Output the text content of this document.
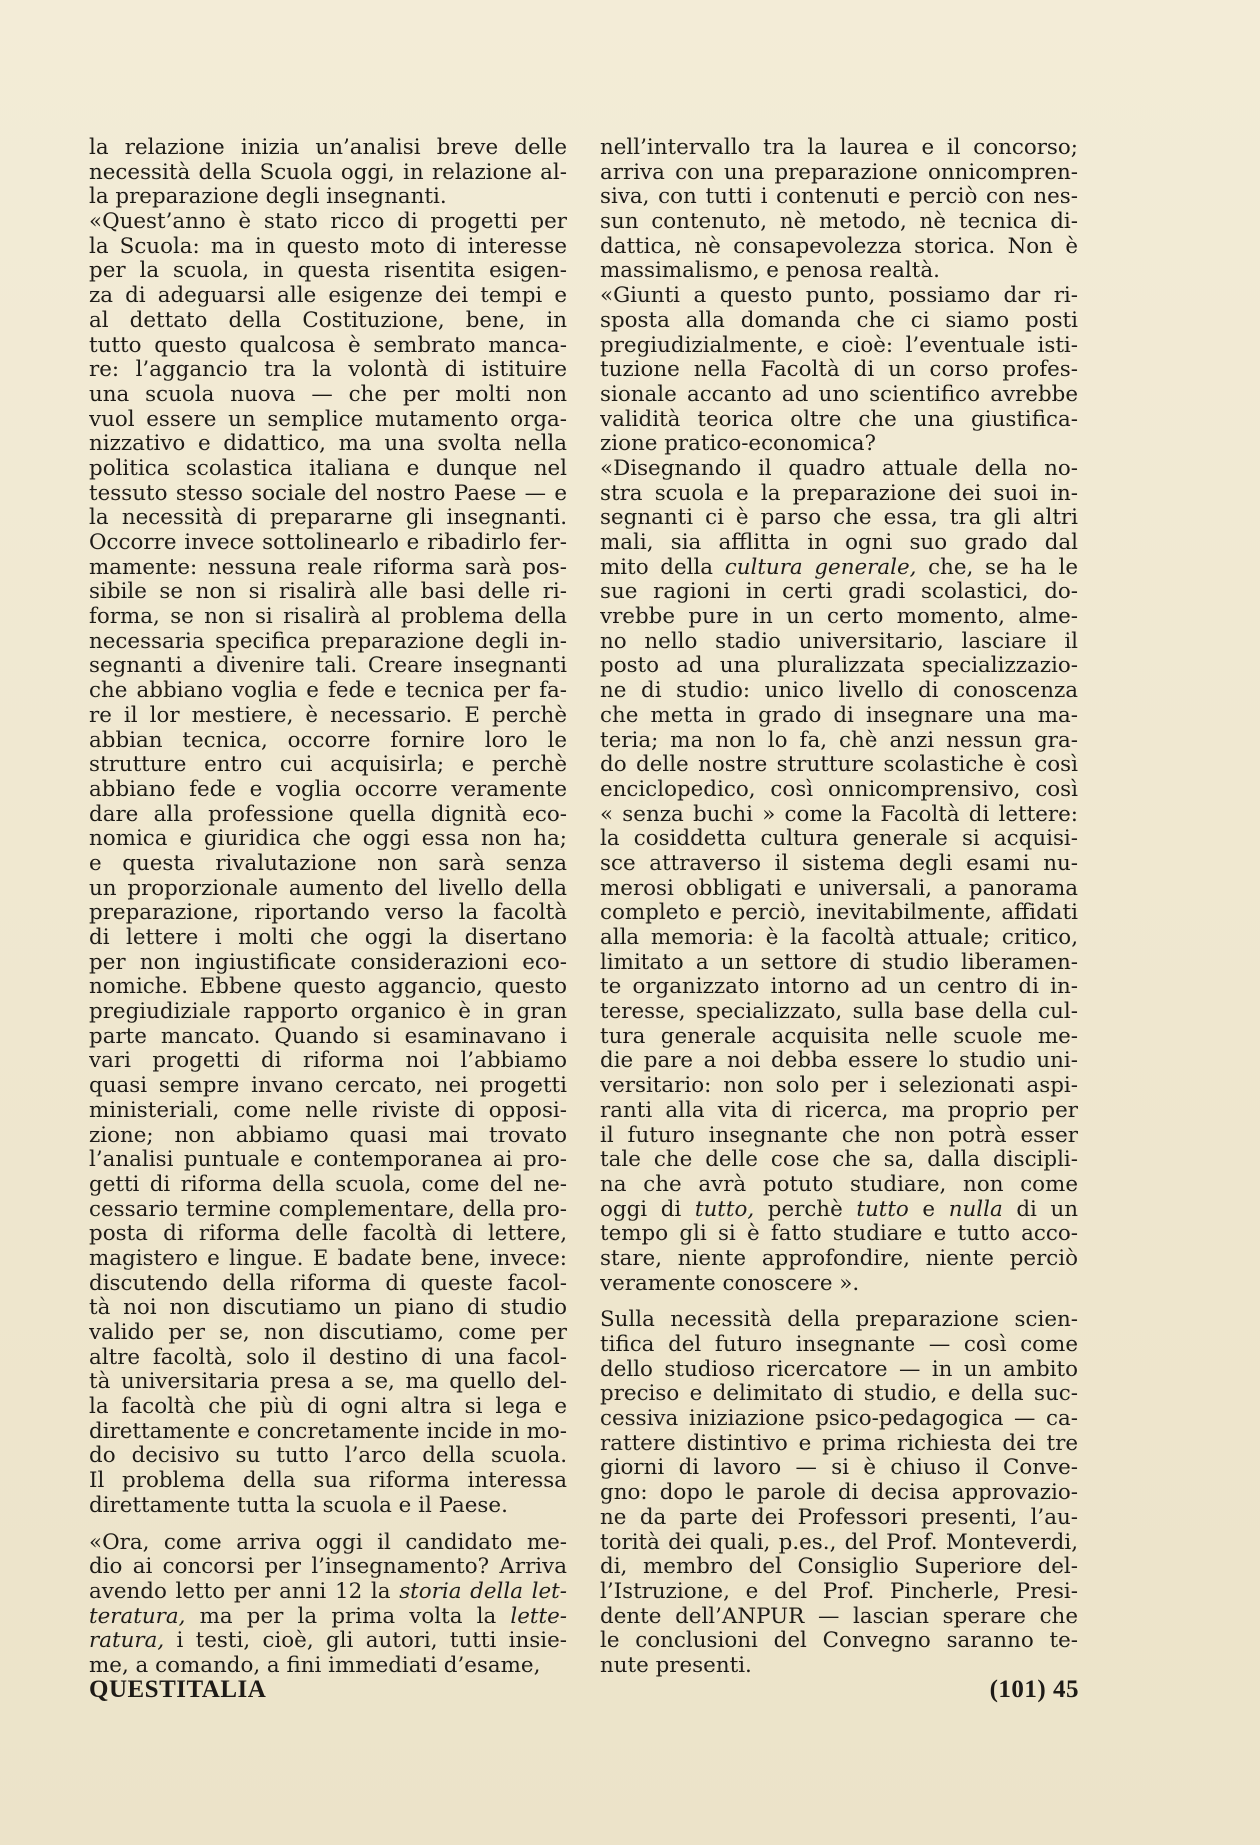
la relazione inizia un’analisi breve delle
necessità della Scuola oggi, in relazione al-
la preparazione degli insegnanti.
«Quest’anno è stato ricco di progetti per
la Scuola: ma in questo moto di interesse
per la scuola, in questa risentita esigen-
za di adeguarsi alle esigenze dei tempi e
al dettato della Costituzione, bene, in
tutto questo qualcosa è sembrato manca-
re: l’aggancio tra la volontà di istituire
una scuola nuova — che per molti non
vuol essere un semplice mutamento orga-
nizzativo e didattico, ma una svolta nella
politica scolastica italiana e dunque nel
tessuto stesso sociale del nostro Paese — e
la necessità di prepararne gli insegnanti.
Occorre invece sottolinearlo e ribadirlo fer-
mamente: nessuna reale riforma sarà pos-
sibile se non si risalirà alle basi delle ri-
forma, se non si risalirà al problema della
necessaria specifica preparazione degli in-
segnanti a divenire tali. Creare insegnanti
che abbiano voglia e fede e tecnica per fa-
re il lor mestiere, è necessario. E perchè
abbian tecnica, occorre fornire loro le
strutture entro cui acquisirla; e perchè
abbiano fede e voglia occorre veramente
dare alla professione quella dignità eco-
nomica e giuridica che oggi essa non ha;
e questa rivalutazione non sarà senza
un proporzionale aumento del livello della
preparazione, riportando verso la facoltà
di lettere i molti che oggi la disertano
per non ingiustificate considerazioni eco-
nomiche. Ebbene questo aggancio, questo
pregiudiziale rapporto organico è in gran
parte mancato. Quando si esaminavano i
vari progetti di riforma noi l’abbiamo
quasi sempre invano cercato, nei progetti
ministeriali, come nelle riviste di opposi-
zione; non abbiamo quasi mai trovato
l’analisi puntuale e contemporanea ai pro-
getti di riforma della scuola, come del ne-
cessario termine complementare, della pro-
posta di riforma delle facoltà di lettere,
magistero e lingue. E badate bene, invece:
discutendo della riforma di queste facol-
tà noi non discutiamo un piano di studio
valido per se, non discutiamo, come per
altre facoltà, solo il destino di una facol-
tà universitaria presa a se, ma quello del-
la facoltà che più di ogni altra si lega e
direttamente e concretamente incide in mo-
do decisivo su tutto l’arco della scuola.
Il problema della sua riforma interessa
direttamente tutta la scuola e il Paese.
«Ora, come arriva oggi il candidato me-
dio ai concorsi per l’insegnamento? Arriva
avendo letto per anni 12 la storia della let-
teratura, ma per la prima volta la lette-
ratura, i testi, cioè, gli autori, tutti insie-
me, a comando, a fini immediati d’esame,
nell’intervallo tra la laurea e il concorso;
arriva con una preparazione onnicompren-
siva, con tutti i contenuti e perciò con nes-
sun contenuto, nè metodo, nè tecnica di-
dattica, nè consapevolezza storica. Non è
massimalismo, e penosa realtà.
«Giunti a questo punto, possiamo dar ri-
sposta alla domanda che ci siamo posti
pregiudizialmente, e cioè: l’eventuale isti-
tuzione nella Facoltà di un corso profes-
sionale accanto ad uno scientifico avrebbe
validità teorica oltre che una giustifica-
zione pratico-economica?
«Disegnando il quadro attuale della no-
stra scuola e la preparazione dei suoi in-
segnanti ci è parso che essa, tra gli altri
mali, sia afflitta in ogni suo grado dal
mito della cultura generale, che, se ha le
sue ragioni in certi gradi scolastici, do-
vrebbe pure in un certo momento, alme-
no nello stadio universitario, lasciare il
posto ad una pluralizzata specializzazio-
ne di studio: unico livello di conoscenza
che metta in grado di insegnare una ma-
teria; ma non lo fa, chè anzi nessun gra-
do delle nostre strutture scolastiche è così
enciclopedico, così onnicomprensivo, così
« senza buchi » come la Facoltà di lettere:
la cosiddetta cultura generale si acquisi-
sce attraverso il sistema degli esami nu-
merosi obbligati e universali, a panorama
completo e perciò, inevitabilmente, affidati
alla memoria: è la facoltà attuale; critico,
limitato a un settore di studio liberamen-
te organizzato intorno ad un centro di in-
teresse, specializzato, sulla base della cul-
tura generale acquisita nelle scuole me-
die pare a noi debba essere lo studio uni-
versitario: non solo per i selezionati aspi-
ranti alla vita di ricerca, ma proprio per
il futuro insegnante che non potrà esser
tale che delle cose che sa, dalla discipli-
na che avrà potuto studiare, non come
oggi di tutto, perchè tutto e nulla di un
tempo gli si è fatto studiare e tutto acco-
stare, niente approfondire, niente perciò
veramente conoscere ».
Sulla necessità della preparazione scien-
tifica del futuro insegnante — così come
dello studioso ricercatore — in un ambito
preciso e delimitato di studio, e della suc-
cessiva iniziazione psico-pedagogica — ca-
rattere distintivo e prima richiesta dei tre
giorni di lavoro — si è chiuso il Conve-
gno: dopo le parole di decisa approvazio-
ne da parte dei Professori presenti, l’au-
torità dei quali, p.es., del Prof. Monteverdi,
di, membro del Consiglio Superiore del-
l’Istruzione, e del Prof. Pincherle, Presi-
dente dell’ANPUR — lascian sperare che
le conclusioni del Convegno saranno te-
nute presenti.
QUESTITALIA	(101) 45
